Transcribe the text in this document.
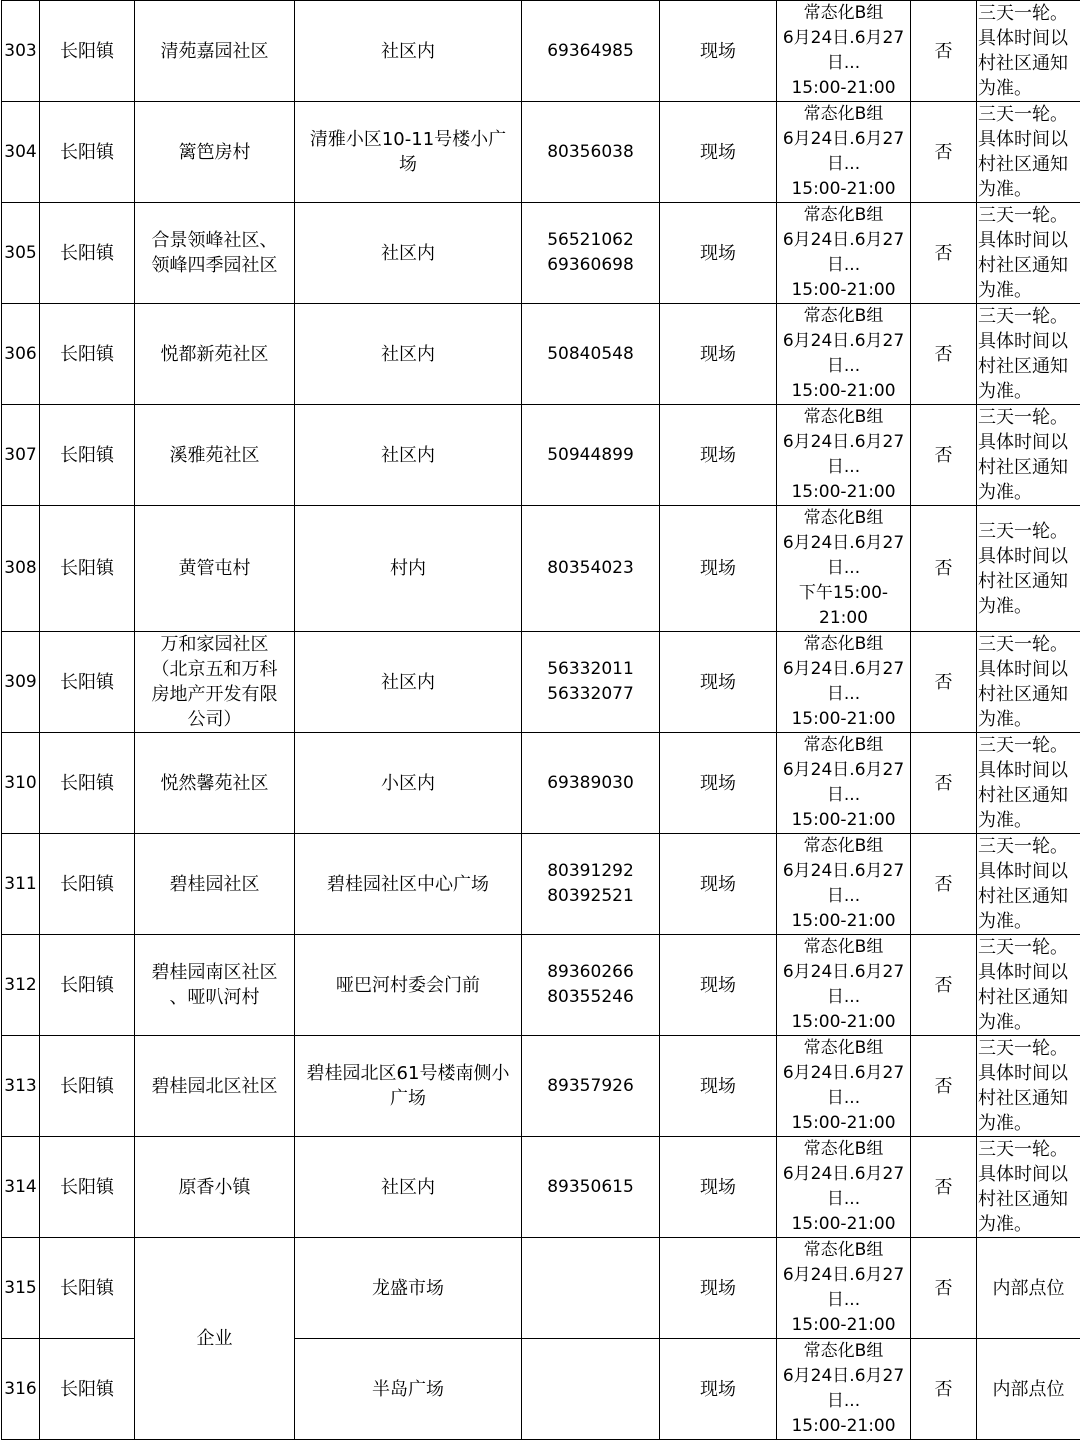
303	长阳镇	清苑嘉园社区	社区内	69364985	现场	常态化B组
6月24日.6月27
日...
15:00-21:00	否	三天一轮。
具体时间以
村社区通知
为准。

304	长阳镇	篱笆房村	清雅小区10-11号楼小广
场	80356038	现场	常态化B组
6月24日.6月27
日...
15:00-21:00	否	三天一轮。
具体时间以
村社区通知
为准。

305	长阳镇	合景领峰社区、
领峰四季园社区	社区内	56521062
69360698	现场	常态化B组
6月24日.6月27
日...
15:00-21:00	否	三天一轮。
具体时间以
村社区通知
为准。

306	长阳镇	悦都新苑社区	社区内	50840548	现场	常态化B组
6月24日.6月27
日...
15:00-21:00	否	三天一轮。
具体时间以
村社区通知
为准。

307	长阳镇	溪雅苑社区	社区内	50944899	现场	常态化B组
6月24日.6月27
日...
15:00-21:00	否	三天一轮。
具体时间以
村社区通知
为准。

308	长阳镇	黄管屯村	村内	80354023	现场	常态化B组
6月24日.6月27
日...
下午15:00-
21:00	否	三天一轮。
具体时间以
村社区通知
为准。

309	长阳镇	万和家园社区
（北京五和万科
房地产开发有限
公司）	社区内	56332011
56332077	现场	常态化B组
6月24日.6月27
日...
15:00-21:00	否	三天一轮。
具体时间以
村社区通知
为准。

310	长阳镇	悦然馨苑社区	小区内	69389030	现场	常态化B组
6月24日.6月27
日...
15:00-21:00	否	三天一轮。
具体时间以
村社区通知
为准。

311	长阳镇	碧桂园社区	碧桂园社区中心广场	80391292
80392521	现场	常态化B组
6月24日.6月27
日...
15:00-21:00	否	三天一轮。
具体时间以
村社区通知
为准。

312	长阳镇	碧桂园南区社区
、哑叭河村	哑巴河村委会门前	89360266
80355246	现场	常态化B组
6月24日.6月27
日...
15:00-21:00	否	三天一轮。
具体时间以
村社区通知
为准。

313	长阳镇	碧桂园北区社区	碧桂园北区61号楼南侧小
广场	89357926	现场	常态化B组
6月24日.6月27
日...
15:00-21:00	否	三天一轮。
具体时间以
村社区通知
为准。

314	长阳镇	原香小镇	社区内	89350615	现场	常态化B组
6月24日.6月27
日...
15:00-21:00	否	三天一轮。
具体时间以
村社区通知
为准。

315	长阳镇	企业	龙盛市场		现场	常态化B组
6月24日.6月27
日...
15:00-21:00	否	内部点位

316	长阳镇		半岛广场		现场	常态化B组
6月24日.6月27
日...
15:00-21:00	否	内部点位
